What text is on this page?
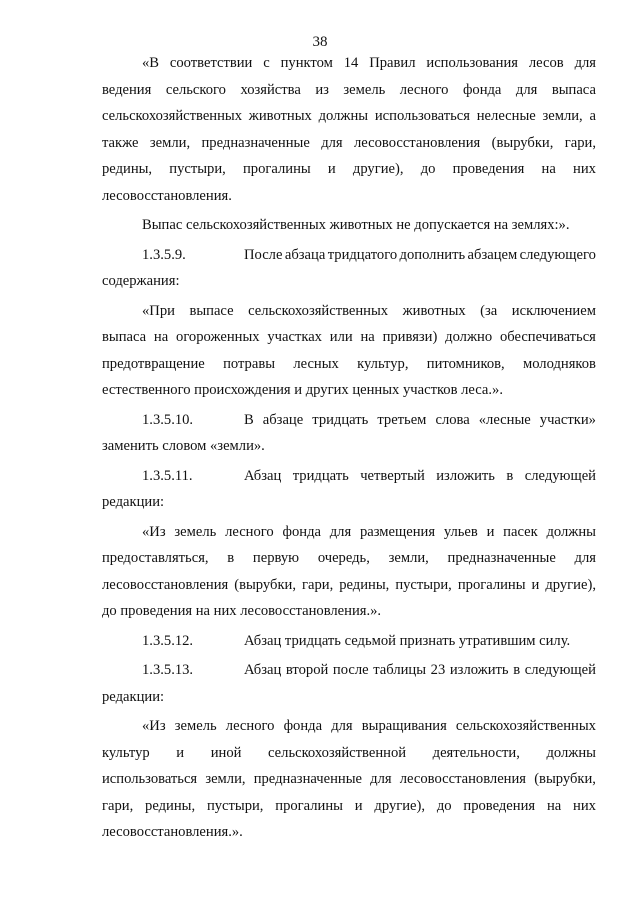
38
«В соответствии с пунктом 14 Правил использования лесов для
ведения сельского хозяйства из земель лесного фонда для выпаса
сельскохозяйственных животных должны использоваться нелесные земли, а
также земли, предназначенные для лесовосстановления (вырубки, гари,
редины, пустыри, прогалины и другие), до проведения на них
лесовосстановления.
Выпас сельскохозяйственных животных не допускается на землях:».
1.3.5.9.	После абзаца тридцатого дополнить абзацем следующего
содержания:
«При выпасе сельскохозяйственных животных (за исключением
выпаса на огороженных участках или на привязи) должно обеспечиваться
предотвращение потравы лесных культур, питомников, молодняков
естественного происхождения и других ценных участков леса.».
1.3.5.10.	В абзаце тридцать третьем слова «лесные участки»
заменить словом «земли».
1.3.5.11.	Абзац тридцать четвертый изложить в следующей
редакции:
«Из земель лесного фонда для размещения ульев и пасек должны
предоставляться, в первую очередь, земли, предназначенные для
лесовосстановления (вырубки, гари, редины, пустыри, прогалины и другие),
до проведения на них лесовосстановления.».
1.3.5.12.	Абзац тридцать седьмой признать утратившим силу.
1.3.5.13.	Абзац второй после таблицы 23 изложить в следующей
редакции:
«Из земель лесного фонда для выращивания сельскохозяйственных
культур и иной сельскохозяйственной деятельности, должны
использоваться земли, предназначенные для лесовосстановления (вырубки,
гари, редины, пустыри, прогалины и другие), до проведения на них
лесовосстановления.».
